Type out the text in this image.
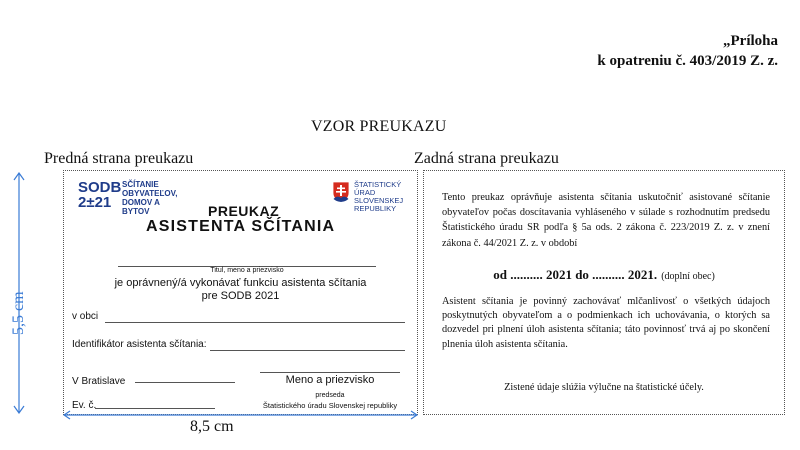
„Príloha
k opatreniu č. 403/2019 Z. z.
VZOR PREUKAZU
Predná strana preukazu	Zadná strana preukazu
SODB
2±21
SČÍTANIE
OBYVATEĽOV,
DOMOV A BYTOV
ŠTATISTICKÝ
ÚRAD
SLOVENSKEJ
REPUBLIKY
PREUKAZ
ASISTENTA SČÍTANIA
Titul, meno a priezvisko
je oprávnený/á vykonávať funkciu asistenta sčítania
pre SODB 2021
v obci
Identifikátor asistenta sčítania:
V Bratislave	Meno a priezvisko
Ev. č.
predseda
Štatistického úradu Slovenskej republiky
Tento preukaz oprávňuje asistenta sčítania uskutočniť asistované sčítanie obyvateľov počas doscítavania vyhláseného v súlade s rozhodnutím predsedu Štatistického úradu SR podľa § 5a ods. 2 zákona č. 223/2019 Z. z. v znení zákona č. 44/2021 Z. z. v období
od .......... 2021 do .......... 2021. (doplní obec)
Asistent sčítania je povinný zachovávať mlčanlivosť o všetkých údajoch poskytnutých obyvateľom a o podmienkach ich uchovávania, o ktorých sa dozvedel pri plnení úloh asistenta sčítania; táto povinnosť trvá aj po skončení plnenia úloh asistenta sčítania.
Zistené údaje slúžia výlučne na štatistické účely.
5,5 cm
8,5 cm
